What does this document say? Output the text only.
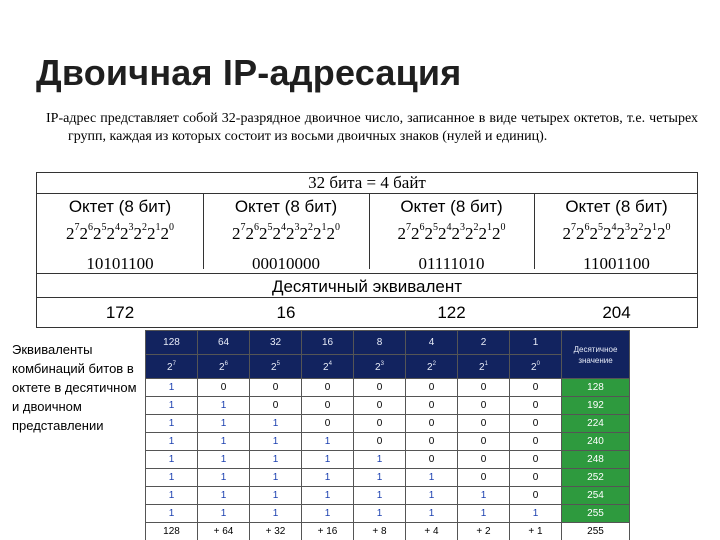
Двоичная IP-адресация
IP-адрес представляет собой 32-разрядное двоичное число, записанное в виде четырех октетов, т.е. четырех групп, каждая из которых состоит из восьми двоичных знаков (нулей и единиц).
32 бита = 4 байт
Октет (8 бит)	Октет (8 бит)	Октет (8 бит)	Октет (8 бит)
$2^72^62^52^42^32^22^12^0$	$2^72^62^52^42^32^22^12^0$	$2^72^62^52^42^32^22^12^0$	$2^72^62^52^42^32^22^12^0$
10101100	00010000	01111010	11001100
Десятичный эквивалент
172	16	122	204
Эквиваленты комбинаций битов в октете в десятичном и двоичном представлении
128	64	32	16	8	4	2	1	Десятичное значение
$2^7$	$2^6$	$2^5$	$2^4$	$2^3$	$2^2$	$2^1$	$2^0$
1	0	0	0	0	0	0	0	128
1	1	0	0	0	0	0	0	192
1	1	1	0	0	0	0	0	224
1	1	1	1	0	0	0	0	240
1	1	1	1	1	0	0	0	248
1	1	1	1	1	1	0	0	252
1	1	1	1	1	1	1	0	254
1	1	1	1	1	1	1	1	255
128	+ 64	+ 32	+ 16	+ 8	+ 4	+ 2	+ 1	255
